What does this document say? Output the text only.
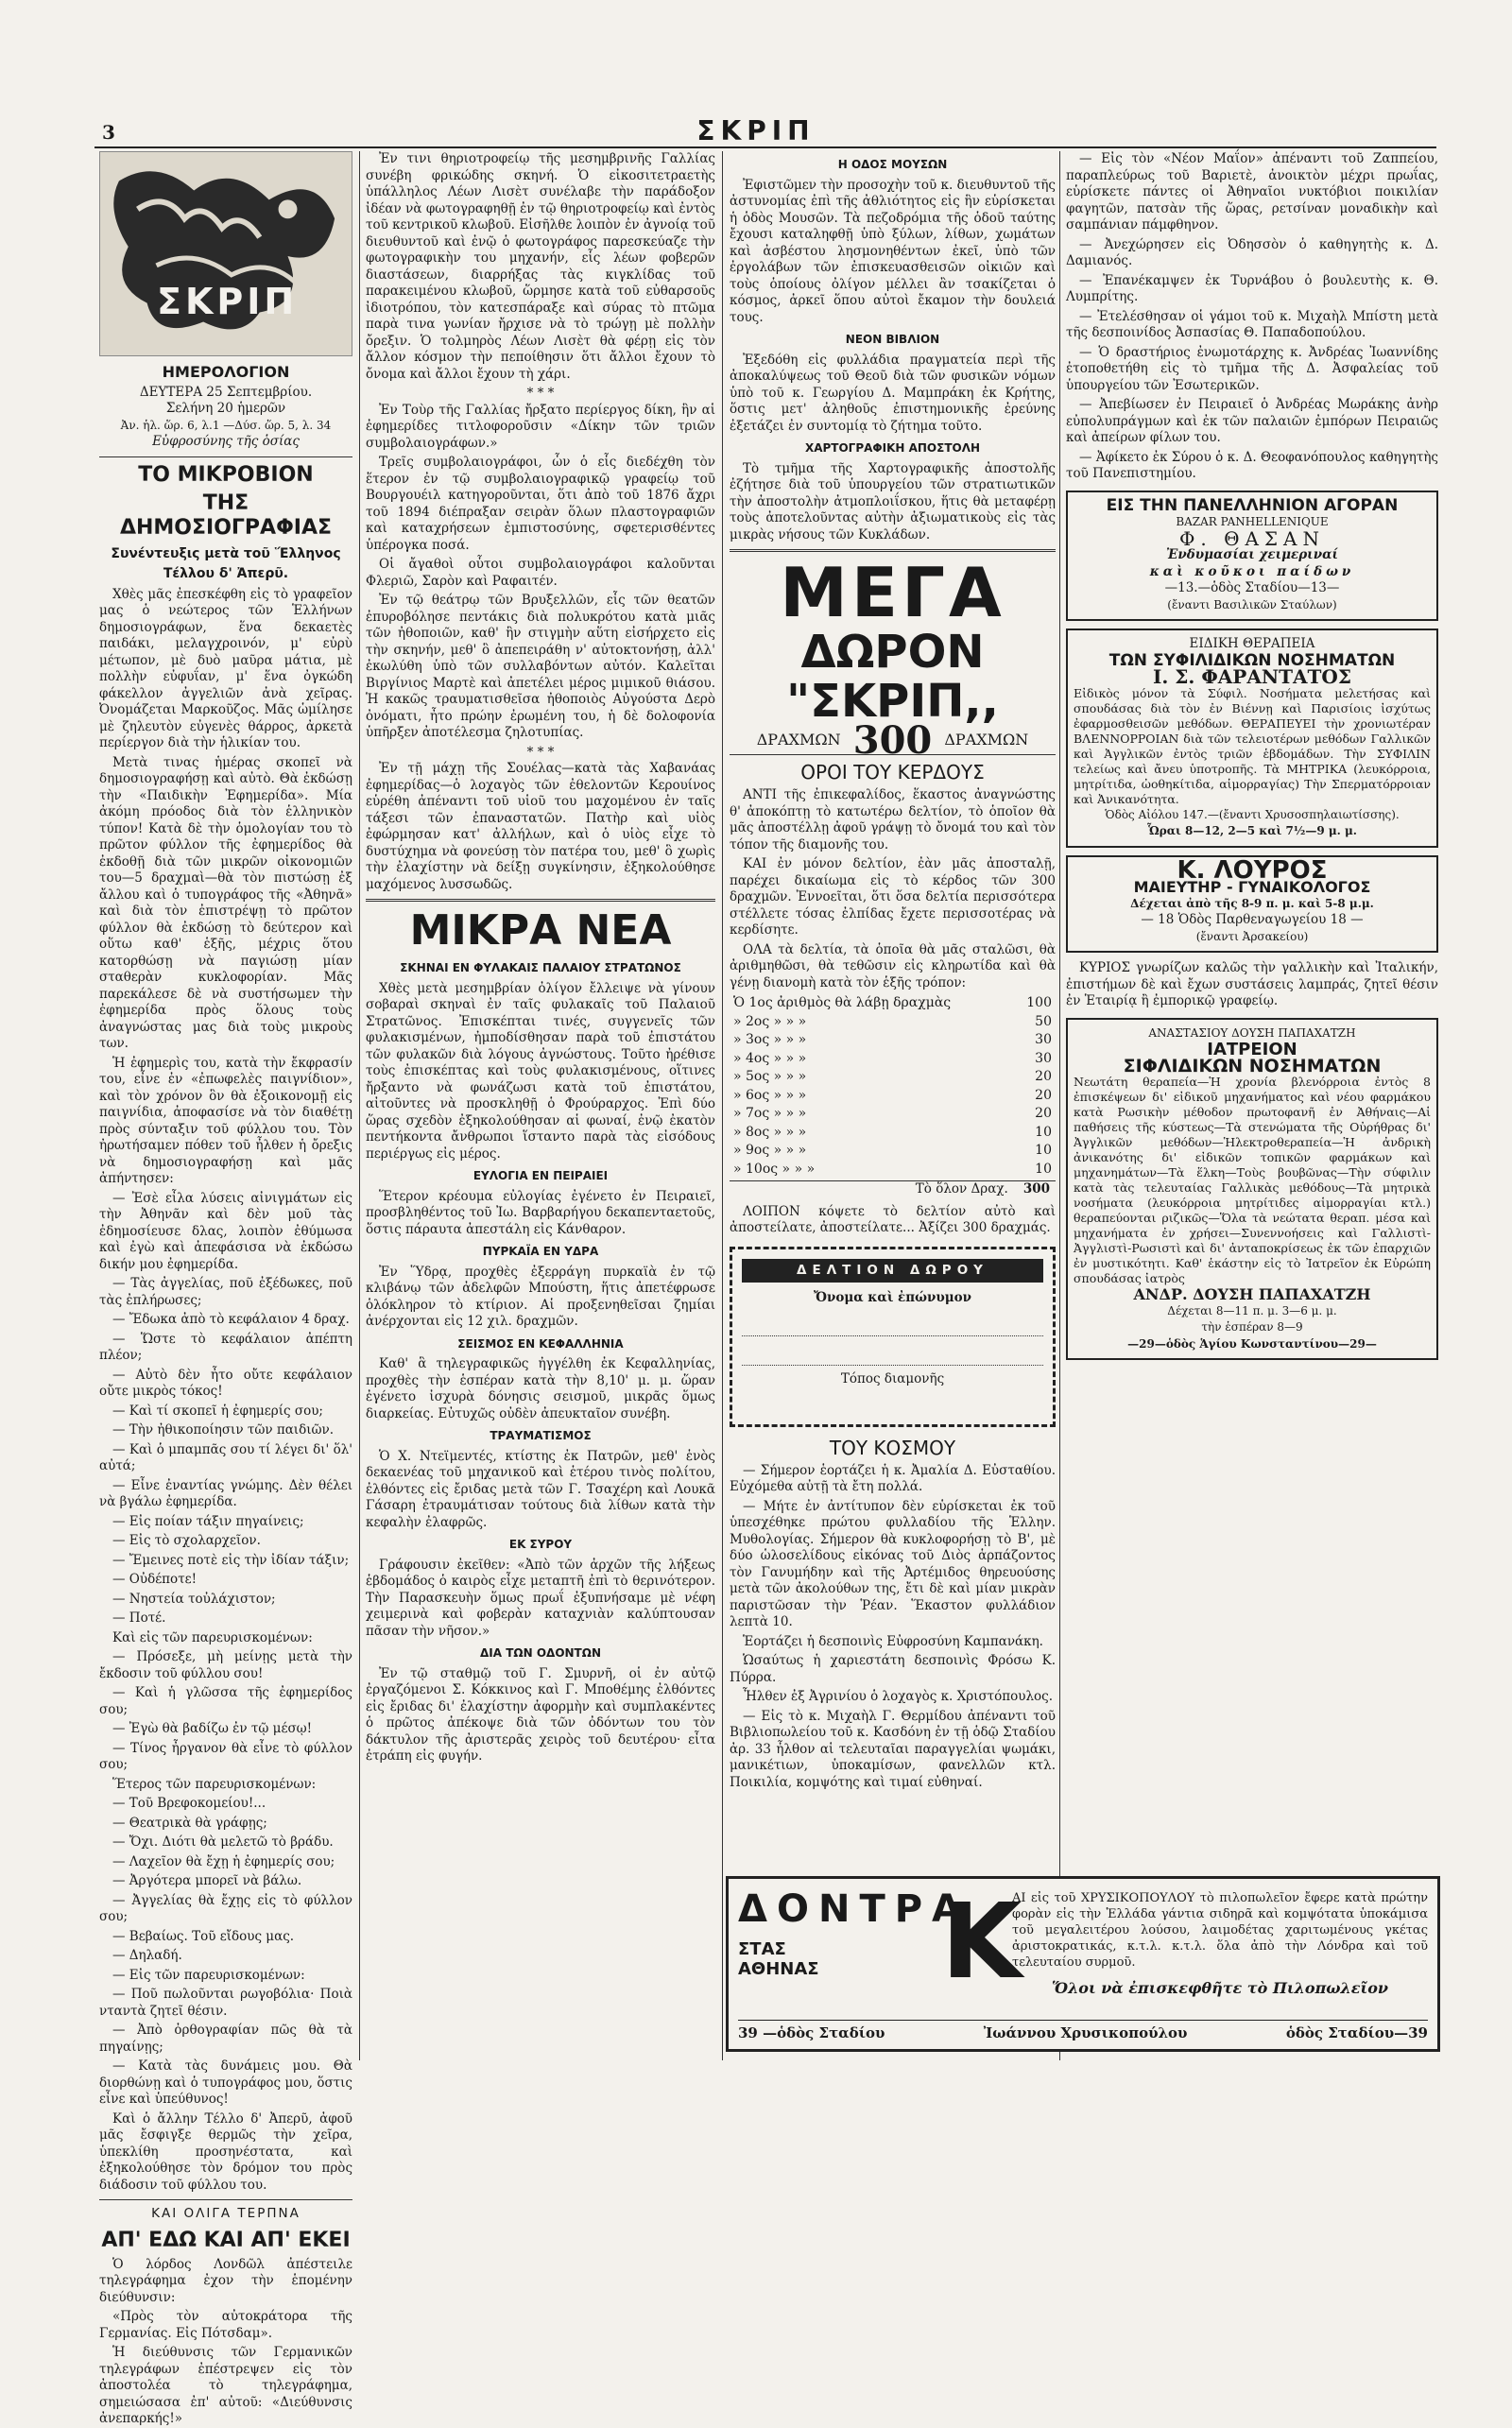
3	ΣΚΡΙΠ
ΣΚΡΙΠ
ΗΜΕΡΟΛΟΓΙΟΝ
ΔΕΥΤΕΡΑ 25 Σεπτεμβρίου.
Σελήνη 20 ἡμερῶν
Ἀν. ἡλ. ὥρ. 6, λ.1 —Δύσ. ὥρ. 5, λ. 34
Εὐφροσύνης τῆς ὁσίας
ΤΟ ΜΙΚΡΟΒΙΟΝ
ΤΗΣ ΔΗΜΟΣΙΟΓΡΑΦΙΑΣ
Συνέντευξις μετὰ τοῦ Ἕλληνος
Τέλλου δ' Ἀπερῦ.

Χθὲς μᾶς ἐπεσκέφθη εἰς τὸ γραφεῖον μας ὁ νεώτερος τῶν Ἑλλήνων δημοσιογράφων, ἕνα δεκαετὲς παιδάκι, μελαγχροινόν, μ' εὐρὺ μέτωπον, μὲ δυὸ μαῦρα μάτια, μὲ πολλὴν εὐφυΐαν, μ' ἕνα ὀγκώδη φάκελλον ἀγγελιῶν ἀνὰ χεῖρας. Ὀνομάζεται Μαρκοῦζος. Μᾶς ὡμίλησε μὲ ζηλευτὸν εὐγενὲς θάρρος, ἀρκετὰ περίεργον διὰ τὴν ἡλικίαν του.

Μετὰ τινας ἡμέρας σκοπεῖ νὰ δημοσιογραφήσῃ καὶ αὐτὸ. Θὰ ἐκδώσῃ τὴν «Παιδικὴν Ἐφημερίδα». Μία ἀκόμη πρόοδος διὰ τὸν ἑλληνικὸν τύπον! Κατὰ δὲ τὴν ὁμολογίαν του τὸ πρῶτον φύλλον τῆς ἐφημερίδος θὰ ἐκδοθῇ διὰ τῶν μικρῶν οἰκονομιῶν του—5 δραχμαὶ—θὰ τὸν πιστώσῃ ἐξ ἄλλου καὶ ὁ τυπογράφος τῆς «Ἀθηνᾶ» καὶ διὰ τὸν ἐπιστρέψῃ τὸ πρῶτον φύλλον θὰ ἐκδώσῃ τὸ δεύτερον καὶ οὕτω καθ' ἑξῆς, μέχρις ὅτου κατορθώσῃ νὰ παγιώσῃ μίαν σταθερὰν κυκλοφορίαν. Μᾶς παρεκάλεσε δὲ νὰ συστήσωμεν τὴν ἐφημερίδα πρὸς ὅλους τοὺς ἀναγνώστας μας διὰ τοὺς μικροὺς των.

Ἡ ἐφημερὶς του, κατὰ τὴν ἔκφρασίν του, εἶνε ἐν «ἐπωφελὲς παιγνίδιον», καὶ τὸν χρόνον ὃν θὰ ἐξοικονομῇ εἰς παιγνίδια, ἀποφασίσε νὰ τὸν διαθέτῃ πρὸς σύνταξιν τοῦ φύλλου του. Τὸν ἠρωτήσαμεν πόθεν τοῦ ἦλθεν ἡ ὄρεξις νὰ δημοσιογραφήσῃ καὶ μᾶς ἀπήντησεν:

— Ἐσὲ εἶλα λύσεις αἰνιγμάτων εἰς τὴν Ἀθηνᾶν καὶ δὲν μοῦ τὰς ἐδημοσίευσε δλας, λοιπὸν ἐθύμωσα καὶ ἐγὼ καὶ ἀπεφάσισα νὰ ἐκδώσω δικήν μου ἐφημερίδα.

— Τὰς ἀγγελίας, ποῦ ἐξέδωκες, ποῦ τὰς ἐπλήρωσες;

— Ἔδωκα ἀπὸ τὸ κεφάλαιον 4 δραχ.

— Ὥστε τὸ κεφάλαιον ἀπέπτη πλέον;

— Αὐτὸ δὲν ἦτο οὔτε κεφάλαιον οὔτε μικρὸς τόκος!

— Καὶ τί σκοπεῖ ἡ ἐφημερίς σου;

— Τὴν ἠθικοποίησιν τῶν παιδιῶν.

— Καὶ ὁ μπαμπᾶς σου τί λέγει δι' ὅλ' αὐτά;

— Εἶνε ἐναντίας γνώμης. Δὲν θέλει νὰ βγάλω ἐφημερίδα.

— Εἰς ποίαν τάξιν πηγαίνεις;

— Εἰς τὸ σχολαρχεῖον.

— Ἔμεινες ποτὲ εἰς τὴν ἰδίαν τάξιν;

— Οὐδέποτε!

— Νηστεία τοὐλάχιστον;

— Ποτέ.

Καὶ εἰς τῶν παρευρισκομένων:

— Πρόσεξε, μὴ μείνῃς μετὰ τὴν ἔκδοσιν τοῦ φύλλου σου!

— Καὶ ἡ γλῶσσα τῆς ἐφημερίδος σου;

— Ἐγὼ θὰ βαδίζω ἐν τῷ μέσῳ!

— Τίνος ἦργανον θὰ εἶνε τὸ φύλλον σου;

Ἕτερος τῶν παρευρισκομένων:

— Τοῦ Βρεφοκομείου!...

— Θεατρικὰ θὰ γράφῃς;

— Ὄχι. Διότι θὰ μελετῶ τὸ βράδυ.

— Λαχεῖον θὰ ἔχῃ ἡ ἐφημερίς σου;

— Ἀργότερα μπορεῖ νὰ βάλω.

— Ἀγγελίας θὰ ἔχῃς εἰς τὸ φύλλον σου;

— Βεβαίως. Τοῦ εἴδους μας.

— Δηλαδή.

— Εἰς τῶν παρευρισκομένων:

— Ποῦ πωλοῦνται ρωγοβόλια· Ποιὰ νταντὰ ζητεῖ θέσιν.

— Ἀπὸ ὀρθογραφίαν πῶς θὰ τὰ πηγαίνῃς;

— Κατὰ τὰς δυνάμεις μου. Θὰ διορθώνῃ καὶ ὁ τυπογράφος μου, ὅστις εἶνε καὶ ὑπεύθυνος!

Καὶ ὁ ἄλλην Τέλλο δ' Ἀπερῦ, ἀφοῦ μᾶς ἔσφιγξε θερμῶς τὴν χεῖρα, ὑπεκλίθη προσηνέστατα, καὶ ἐξηκολούθησε τὸν δρόμον του πρὸς διάδοσιν τοῦ φύλλου του.

ΚΑΙ ΟΛΙΓΑ ΤΕΡΠΝΑ
ΑΠ' ΕΔΩ ΚΑΙ ΑΠ' ΕΚΕΙ

Ὁ λόρδος Λονδῶλ ἀπέστειλε τηλεγράφημα ἐχον τὴν ἑπομένην διεύθυνσιν:

«Πρὸς τὸν αὐτοκράτορα τῆς Γερμανίας. Εἰς Πότσδαμ».

Ἡ διεύθυνσις τῶν Γερμανικῶν τηλεγράφων ἐπέστρεψεν εἰς τὸν ἀποστολέα τὸ τηλεγράφημα, σημειώσασα ἐπ' αὐτοῦ: «Διεύθυνσις ἀνεπαρκής!»

Ἐν τινι θηριοτροφείῳ τῆς μεσημβρινῆς Γαλλίας συνέβη φρικώδης σκηνή. Ὁ εἰκοσιτετραετὴς ὑπάλληλος Λέων Λισὲτ συνέλαβε τὴν παράδοξον ἰδέαν νὰ φωτογραφηθῇ ἐν τῷ θηριοτροφείῳ καὶ ἐντὸς τοῦ κεντρικοῦ κλωβοῦ. Εἰσῆλθε λοιπὸν ἐν ἀγνοίᾳ τοῦ διευθυντοῦ καὶ ἐνῷ ὁ φωτογράφος παρεσκεύαζε τὴν φωτογραφικὴν του μηχανήν, εἷς λέων φοβερῶν διαστάσεων, διαρρήξας τὰς κιγκλίδας τοῦ παρακειμένου κλωβοῦ, ὥρμησε κατὰ τοῦ εὐθαρσοῦς ἰδιοτρόπου, τὸν κατεσπάραξε καὶ σύρας τὸ πτῶμα παρὰ τινα γωνίαν ἤρχισε νὰ τὸ τρώγῃ μὲ πολλὴν ὄρεξιν. Ὁ τολμηρὸς Λέων Λισὲτ θὰ φέρῃ εἰς τὸν ἄλλον κόσμον τὴν πεποίθησιν ὅτι ἄλλοι ἔχουν τὸ ὄνομα καὶ ἄλλοι ἔχουν τὴ χάρι.

* * *

Ἐν Τοὺρ τῆς Γαλλίας ἤρξατο περίεργος δίκη, ἣν αἱ ἐφημερίδες τιτλοφοροῦσιν «Δίκην τῶν τριῶν συμβολαιογράφων.»

Τρεῖς συμβολαιογράφοι, ὧν ὁ εἷς διεδέχθη τὸν ἕτερον ἐν τῷ συμβολαιογραφικῷ γραφείῳ τοῦ Βουργουέιλ κατηγοροῦνται, ὅτι ἀπὸ τοῦ 1876 ἄχρι τοῦ 1894 διέπραξαν σειρὰν ὅλων πλαστογραφιῶν καὶ καταχρήσεων ἐμπιστοσύνης, σφετερισθέντες ὑπέρογκα ποσά.

Οἱ ἄγαθοὶ οὗτοι συμβολαιογράφοι καλοῦνται Φλεριῶ, Σαρὸν καὶ Ραφαιτέν.

Ἐν τῷ θεάτρῳ τῶν Βρυξελλῶν, εἷς τῶν θεατῶν ἐπυροβόλησε πεντάκις διὰ πολυκρότου κατὰ μιᾶς τῶν ἠθοποιῶν, καθ' ἣν στιγμὴν αὕτη εἰσήρχετο εἰς τὴν σκηνήν, μεθ' ὃ ἀπεπειράθη ν' αὐτοκτονήσῃ, ἀλλ' ἐκωλύθη ὑπὸ τῶν συλλαβόντων αὐτόν. Καλεῖται Βιργίνιος Μαρτὲ καὶ ἀπετέλει μέρος μιμικοῦ θιάσου. Ἡ κακῶς τραυματισθεῖσα ἠθοποιὸς Αὐγούστα Δερὸ ὀνόματι, ἦτο πρώην ἐρωμένη του, ἡ δὲ δολοφονία ὑπῆρξεν ἀποτέλεσμα ζηλοτυπίας.

* * *

Ἐν τῇ μάχῃ τῆς Σουέλας—κατὰ τὰς Χαβανάας ἐφημερίδας—ὁ λοχαγὸς τῶν ἐθελοντῶν Κερουίνος εὑρέθη ἀπέναντι τοῦ υἱοῦ του μαχομένου ἐν ταῖς τάξεσι τῶν ἐπαναστατῶν. Πατὴρ καὶ υἱὸς ἐφώρμησαν κατ' ἀλλήλων, καὶ ὁ υἱὸς εἶχε τὸ δυστύχημα νὰ φονεύσῃ τὸν πατέρα του, μεθ' ὃ χωρὶς τὴν ἐλαχίστην νὰ δείξῃ συγκίνησιν, ἐξηκολούθησε μαχόμενος λυσσωδῶς.

ΜΙΚΡΑ ΝΕΑ
ΣΚΗΝΑΙ ΕΝ ΦΥΛΑΚΑΙΣ ΠΑΛΑΙΟΥ ΣΤΡΑΤΩΝΟΣ

Χθὲς μετὰ μεσημβρίαν ὀλίγον ἔλλειψε νὰ γίνουν σοβαραὶ σκηναὶ ἐν ταῖς φυλακαῖς τοῦ Παλαιοῦ Στρατῶνος. Ἐπισκέπται τινές, συγγενεῖς τῶν φυλακισμένων, ἠμποδίσθησαν παρὰ τοῦ ἐπιστάτου τῶν φυλακῶν διὰ λόγους ἀγνώστους. Τοῦτο ἠρέθισε τοὺς ἐπισκέπτας καὶ τοὺς φυλακισμένους, οἵτινες ἤρξαντο νὰ φωνάζωσι κατὰ τοῦ ἐπιστάτου, αἰτοῦντες νὰ προσκληθῇ ὁ Φρούραρχος. Ἐπὶ δύο ὥρας σχεδὸν ἐξηκολούθησαν αἱ φωναί, ἐνῷ ἐκατὸν πεντήκοντα ἄνθρωποι ἵσταντο παρὰ τὰς εἰσόδους περιέργως εἰς μέρος.

ΕΥΛΟΓΙΑ ΕΝ ΠΕΙΡΑΙΕΙ

Ἕτερον κρέουμα εὐλογίας ἐγένετο ἐν Πειραιεῖ, προσβληθέντος τοῦ Ἰω. Βαρβαρήγου δεκαπενταετοῦς, ὅστις πάραυτα ἀπεστάλη εἰς Κάνθαρον.

ΠΥΡΚΑΪΑ ΕΝ ΥΔΡΑ

Ἐν Ὕδρᾳ, προχθὲς ἐξερράγη πυρκαϊὰ ἐν τῷ κλιβάνῳ τῶν ἀδελφῶν Μπούστη, ἥτις ἀπετέφρωσε ὁλόκληρον τὸ κτίριον. Αἱ προξενηθεῖσαι ζημίαι ἀνέρχονται εἰς 12 χιλ. δραχμῶν.

ΣΕΙΣΜΟΣ ΕΝ ΚΕΦΑΛΛΗΝΙΑ

Καθ' ἃ τηλεγραφικῶς ἠγγέλθη ἐκ Κεφαλληνίας, προχθὲς τὴν ἑσπέραν κατὰ τὴν 8,10' μ. μ. ὥραν ἐγένετο ἰσχυρὰ δόνησις σεισμοῦ, μικρᾶς ὅμως διαρκείας. Εὐτυχῶς οὐδὲν ἀπευκταῖον συνέβη.

ΤΡΑΥΜΑΤΙΣΜΟΣ

Ὁ Χ. Ντεϊμεντές, κτίστης ἐκ Πατρῶν, μεθ' ἑνὸς δεκαενέας τοῦ μηχανικοῦ καὶ ἑτέρου τινὸς πολίτου, ἐλθόντες εἰς ἔριδας μετὰ τῶν Γ. Τσαχέρη καὶ Λουκᾶ Γάσαρη ἐτραυμάτισαν τούτους διὰ λίθων κατὰ τὴν κεφαλὴν ἐλαφρῶς.

ΕΚ ΣΥΡΟΥ

Γράφουσιν ἐκεῖθεν: «Ἀπὸ τῶν ἀρχῶν τῆς λήξεως ἑβδομάδος ὁ καιρὸς εἶχε μεταπτῆ ἐπὶ τὸ θερινότερον. Τὴν Παρασκευὴν ὅμως πρωΐ ἐξυπνήσαμε μὲ νέφη χειμερινὰ καὶ φοβερὰν καταχνιὰν καλύπτουσαν πᾶσαν τὴν νῆσον.»

ΔΙΑ ΤΩΝ ΟΔΟΝΤΩΝ

Ἐν τῷ σταθμῷ τοῦ Γ. Σμυρνῆ, οἱ ἐν αὐτῷ ἐργαζόμενοι Σ. Κόκκινος καὶ Γ. Μποθέμης ἐλθόντες εἰς ἔριδας δι' ἐλαχίστην ἀφορμὴν καὶ συμπλακέντες ὁ πρῶτος ἀπέκοψε διὰ τῶν ὀδόντων του τὸν δάκτυλον τῆς ἀριστερᾶς χειρὸς τοῦ δευτέρου· εἶτα ἐτράπη εἰς φυγήν.

Η ΟΔΟΣ ΜΟΥΣΩΝ

Ἐφιστῶμεν τὴν προσοχὴν τοῦ κ. διευθυντοῦ τῆς ἀστυνομίας ἐπὶ τῆς ἀθλιότητος εἰς ἣν εὑρίσκεται ἡ ὁδὸς Μουσῶν. Τὰ πεζοδρόμια τῆς ὁδοῦ ταύτης ἔχουσι καταληφθῇ ὑπὸ ξύλων, λίθων, χωμάτων καὶ ἀσβέστου λησμονηθέντων ἐκεῖ, ὑπὸ τῶν ἐργολάβων τῶν ἐπισκευασθεισῶν οἰκιῶν καὶ τοὺς ὁποίους ὀλίγον μέλλει ἂν τσακίζεται ὁ κόσμος, ἀρκεῖ ὅπου αὐτοὶ ἔκαμον τὴν δουλειά τους.

ΝΕΟΝ ΒΙΒΛΙΟΝ

Ἐξεδόθη εἰς φυλλάδια πραγματεία περὶ τῆς ἀποκαλύψεως τοῦ Θεοῦ διὰ τῶν φυσικῶν νόμων ὑπὸ τοῦ κ. Γεωργίου Δ. Μαμπράκη ἐκ Κρήτης, ὅστις μετ' ἀληθοῦς ἐπιστημονικῆς ἐρεύνης ἐξετάζει ἐν συντομίᾳ τὸ ζήτημα τοῦτο.

ΧΑΡΤΟΓΡΑΦΙΚΗ ΑΠΟΣΤΟΛΗ

Τὸ τμῆμα τῆς Χαρτογραφικῆς ἀποστολῆς ἐζήτησε διὰ τοῦ ὑπουργείου τῶν στρατιωτικῶν τὴν ἀποστολὴν ἀτμοπλοιΐσκου, ἥτις θὰ μεταφέρῃ τοὺς ἀποτελοῦντας αὐτὴν ἀξιωματικοὺς εἰς τὰς μικρὰς νήσους τῶν Κυκλάδων.

ΜΕΓΑ
ΔΩΡΟΝ "ΣΚΡΙΠ,,
ΔΡΑΧΜΩΝ 300 ΔΡΑΧΜΩΝ
ΟΡΟΙ ΤΟΥ ΚΕΡΔΟΥΣ

ΑΝΤΙ τῆς ἐπικεφαλίδος, ἕκαστος ἀναγνώστης θ' ἀποκόπτῃ τὸ κατωτέρω δελτίον, τὸ ὁποῖον θὰ μᾶς ἀποστέλλῃ ἀφοῦ γράψῃ τὸ ὄνομά του καὶ τὸν τόπον τῆς διαμονῆς του.

ΚΑΙ ἐν μόνον δελτίον, ἐὰν μᾶς ἀποσταλῇ, παρέχει δικαίωμα εἰς τὸ κέρδος τῶν 300 δραχμῶν. Ἐννοεῖται, ὅτι ὅσα δελτία περισσότερα στέλλετε τόσας ἐλπίδας ἔχετε περισσοτέρας νὰ κερδίσητε.

ΟΛΑ τὰ δελτία, τὰ ὁποῖα θὰ μᾶς σταλῶσι, θὰ ἀριθμηθῶσι, θὰ τεθῶσιν εἰς κληρωτίδα καὶ θὰ γένῃ διανομὴ κατὰ τὸν ἑξῆς τρόπον:

Ὁ 1ος ἀριθμὸς θὰ λάβῃ δραχμὰς	100
» 2ος » » »	50
» 3ος » » »	30
» 4ος » » »	30
» 5ος » » »	20
» 6ος » » »	20
» 7ος » » »	20
» 8ος » » »	10
» 9ος » » »	10
» 10ος » » »	10
Τὸ ὅλον Δραχ. 300

ΛΟΙΠΟΝ κόψετε τὸ δελτίον αὐτὸ καὶ ἀποστείλατε, ἀποστείλατε... Ἀξίζει 300 δραχμάς.

ΔΕΛΤΙΟΝ ΔΩΡΟΥ
Ὄνομα καὶ ἐπώνυμον
Τόπος διαμονῆς
ΤΟΥ ΚΟΣΜΟΥ

— Σήμερον ἑορτάζει ἡ κ. Ἀμαλία Δ. Εὐσταθίου. Εὐχόμεθα αὐτῇ τὰ ἔτη πολλά.

— Μήτε ἐν ἀντίτυπον δὲν εὑρίσκεται ἐκ τοῦ ὑπεσχέθηκε πρώτου φυλλαδίου τῆς Ἑλλην. Μυθολογίας. Σήμερον θὰ κυκλοφορήσῃ τὸ Β', μὲ δύο ὡλοσελίδους εἰκόνας τοῦ Διὸς ἁρπάζοντος τὸν Γανυμήδην καὶ τῆς Ἀρτέμιδος θηρευούσης μετὰ τῶν ἀκολούθων της, ἔτι δὲ καὶ μίαν μικρὰν παριστῶσαν τὴν Ῥέαν. Ἕκαστον φυλλάδιον λεπτὰ 10.

Ἑορτάζει ἡ δεσποινὶς Εὐφροσύνη Καμπανάκη.

Ὡσαύτως ἡ χαριεστάτη δεσποινὶς Φρόσω Κ. Πύρρα.

Ἦλθεν ἐξ Ἀγρινίου ὁ λοχαγὸς κ. Χριστόπουλος.

— Εἰς τὸ κ. Μιχαὴλ Γ. Θερμίδου ἀπέναντι τοῦ Βιβλιοπωλείου τοῦ κ. Κασδόνη ἐν τῇ ὁδῷ Σταδίου ἀρ. 33 ἦλθον αἱ τελευταῖαι παραγγελίαι ψωμάκι, μανικέτιων, ὑποκαμίσων, φανελλῶν κτλ. Ποικιλία, κομψότης καὶ τιμαί εὐθηναί.

— Εἰς τὸν «Νέον Μαΐον» ἀπέναντι τοῦ Ζαππείου, παραπλεύρως τοῦ Βαριετὲ, ἀνοικτὸν μέχρι πρωΐας, εὑρίσκετε πάντες οἱ Ἀθηναῖοι νυκτόβιοι ποικιλίαν φαγητῶν, πατσὰν τῆς ὥρας, ρετσίναν μοναδικὴν καὶ σαμπάνιαν πάμφθηνον.

— Ἀνεχώρησεν εἰς Ὀδησσὸν ὁ καθηγητὴς κ. Δ. Δαμιανός.

— Ἐπανέκαμψεν ἐκ Τυρνάβου ὁ βουλευτὴς κ. Θ. Λυμπρίτης.

— Ἐτελέσθησαν οἱ γάμοι τοῦ κ. Μιχαὴλ Μπίστη μετὰ τῆς δεσποινίδος Ἀσπασίας Θ. Παπαδοπούλου.

— Ὁ δραστήριος ἐνωμοτάρχης κ. Ἀνδρέας Ἰωαννίδης ἐτοποθετήθη εἰς τὸ τμῆμα τῆς Δ. Ἀσφαλείας τοῦ ὑπουργείου τῶν Ἐσωτερικῶν.

— Ἀπεβίωσεν ἐν Πειραιεῖ ὁ Ἀνδρέας Μωράκης ἀνὴρ εὐπολυπράγμων καὶ ἐκ τῶν παλαιῶν ἐμπόρων Πειραιῶς καὶ ἀπείρων φίλων του.

— Ἀφίκετο ἐκ Σύρου ὁ κ. Δ. Θεοφανόπουλος καθηγητὴς τοῦ Πανεπιστημίου.

ΕΙΣ ΤΗΝ ΠΑΝΕΛΛΗΝΙΟΝ ΑΓΟΡΑΝ
BAZAR PANHELLENIQUE
Φ. ΘΑΣΑΝ
Ἐνδυμασίαι χειμεριναί
καὶ κοῦκοι παίδων
—13.—ὁδὸς Σταδίου—13—
(ἔναντι Βασιλικῶν Σταύλων)
ΕΙΔΙΚΗ ΘΕΡΑΠΕΙΑ
ΤΩΝ ΣΥΦΙΛΙΔΙΚΩΝ ΝΟΣΗΜΑΤΩΝ
Ι. Σ. ΦΑΡΑΝΤΑΤΟΣ
Εἰδικὸς μόνον τὰ Σύφιλ. Νοσήματα μελετήσας καὶ σπουδάσας διὰ τὸν ἐν Βιέννῃ καὶ Παρισίοις ἰσχύτως ἐφαρμοσθεισῶν μεθόδων. ΘΕΡΑΠΕΥΕΙ τὴν χρονιωτέραν ΒΛΕΝΝΟΡΡΟΙΑΝ διὰ τῶν τελειοτέρων μεθόδων Γαλλικῶν καὶ Ἀγγλικῶν ἐντὸς τριῶν ἑβδομάδων. Τὴν ΣΥΦΙΛΙΝ τελείως καὶ ἄνευ ὑποτροπῆς. Τὰ ΜΗΤΡΙΚΑ (λευκόρροια, μητρίτιδα, ὠοθηκίτιδα, αἱμορραγίας) Τὴν Σπερματόρροιαν καὶ Ἀνικανότητα.
Ὁδὸς Αἰόλου 147.—(ἔναντι Χρυσοσπηλαιωτίσσης).
Ὧραι 8—12, 2—5 καὶ 7½—9 μ. μ.
Κ. ΛΟΥΡΟΣ
ΜΑΙΕΥΤΗΡ - ΓΥΝΑΙΚΟΛΟΓΟΣ
Δέχεται ἀπὸ τῆς 8-9 π. μ. καὶ 5-8 μ.μ.
— 18 Ὁδὸς Παρθεναγωγείου 18 —
(ἔναντι Ἀρσακείου)

ΚΥΡΙΟΣ γνωρίζων καλῶς τὴν γαλλικὴν καὶ Ἰταλικήν, ἐπιστήμων δὲ καὶ ἔχων συστάσεις λαμπράς, ζητεῖ θέσιν ἐν Ἑταιρίᾳ ἢ ἐμπορικῷ γραφείῳ.

ΑΝΑΣΤΑΣΙΟΥ ΔΟΥΣΗ ΠΑΠΑΧΑΤΖΗ
ΙΑΤΡΕΙΟΝ
ΣΙΦΛΙΔΙΚΩΝ ΝΟΣΗΜΑΤΩΝ
Νεωτάτη θεραπεία—Ἡ χρονία βλενόρροια ἐντὸς 8 ἐπισκέψεων δι' εἰδικοῦ μηχανήματος καὶ νέου φαρμάκου κατὰ Ρωσικὴν μέθοδον πρωτοφανῆ ἐν Ἀθήναις—Αἱ παθήσεις τῆς κύστεως—Τὰ στενώματα τῆς Οὐρήθρας δι' Ἀγγλικῶν μεθόδων—Ἡλεκτροθεραπεία—Ἡ ἀνδρικὴ ἀνικανότης δι' εἰδικῶν τοπικῶν φαρμάκων καὶ μηχανημάτων—Τὰ ἕλκη—Τοὺς βουβῶνας—Τὴν σύφιλιν κατὰ τὰς τελευταίας Γαλλικὰς μεθόδους—Τὰ μητρικὰ νοσήματα (λευκόρροια μητρίτιδες αἱμορραγίαι κτλ.) θεραπεύονται ριζικῶς—Ὅλα τὰ νεώτατα θεραπ. μέσα καὶ μηχανήματα ἐν χρήσει—Συνεννοήσεις καὶ Γαλλιστὶ-Ἀγγλιστὶ-Ρωσιστὶ καὶ δι' ἀνταποκρίσεως ἐκ τῶν ἐπαρχιῶν ἐν μυστικότητι. Καθ' ἑκάστην εἰς τὸ Ἰατρεῖον ἐκ Εὐρώπη σπουδάσας ἰατρὸς
ΑΝΔΡ. ΔΟΥΣΗ ΠΑΠΑΧΑΤΖΗ
Δέχεται 8—11 π. μ. 3—6 μ. μ.
τὴν ἑσπέραν 8—9
—29—ὁδὸς Ἁγίου Κωνσταντίνου—29—
ΔΟΝΤΡΑ
ΣΤΑΣ
ΑΘΗΝΑΣ	Κ
ΑΙ εἰς τοῦ ΧΡΥΣΙΚΟΠΟΥΛΟΥ τὸ πιλοπωλεῖον ἔφερε κατὰ πρώτην φορὰν εἰς τὴν Ἑλλάδα γάντια σιδηρᾶ καὶ κομψότατα ὑποκάμισα τοῦ μεγαλειτέρου λούσου, λαιμοδέτας χαριτωμένους γκέτας ἀριστοκρατικάς, κ.τ.λ. κ.τ.λ. ὅλα ἀπὸ τὴν Λόνδρα καὶ τοῦ τελευταίου συρμοῦ.
Ὅλοι νὰ ἐπισκεφθῆτε τὸ Πιλοπωλεῖον
39 —ὁδὸς Σταδίου	Ἰωάννου Χρυσικοπούλου	ὁδὸς Σταδίου—39
